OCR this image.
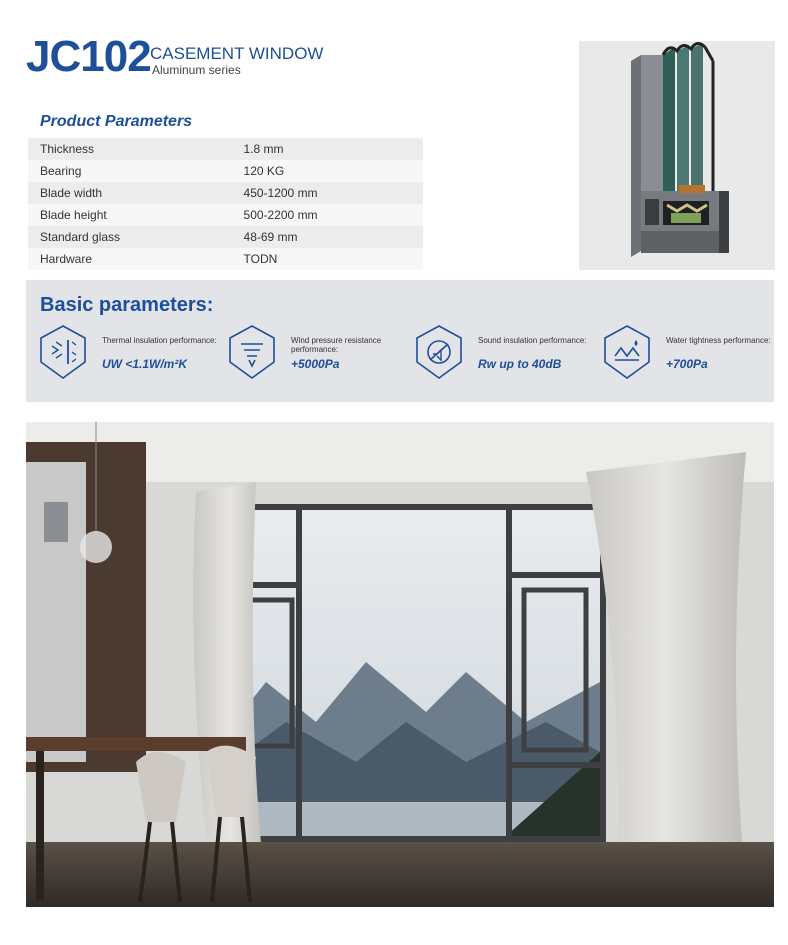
JC102 CASEMENT WINDOW
Aluminum series
Product Parameters
Thickness	1.8 mm
Bearing	120 KG
Blade width	450-1200 mm
Blade height	500-2200 mm
Standard glass	48-69 mm
Hardware	TODN
Basic parameters:
Thermal insulation performance:
UW <1.1W/m²K
Wind pressure resistance performance:
+5000Pa
Sound insulation performance:
Rw up to 40dB
Water tightness performance:
+700Pa
